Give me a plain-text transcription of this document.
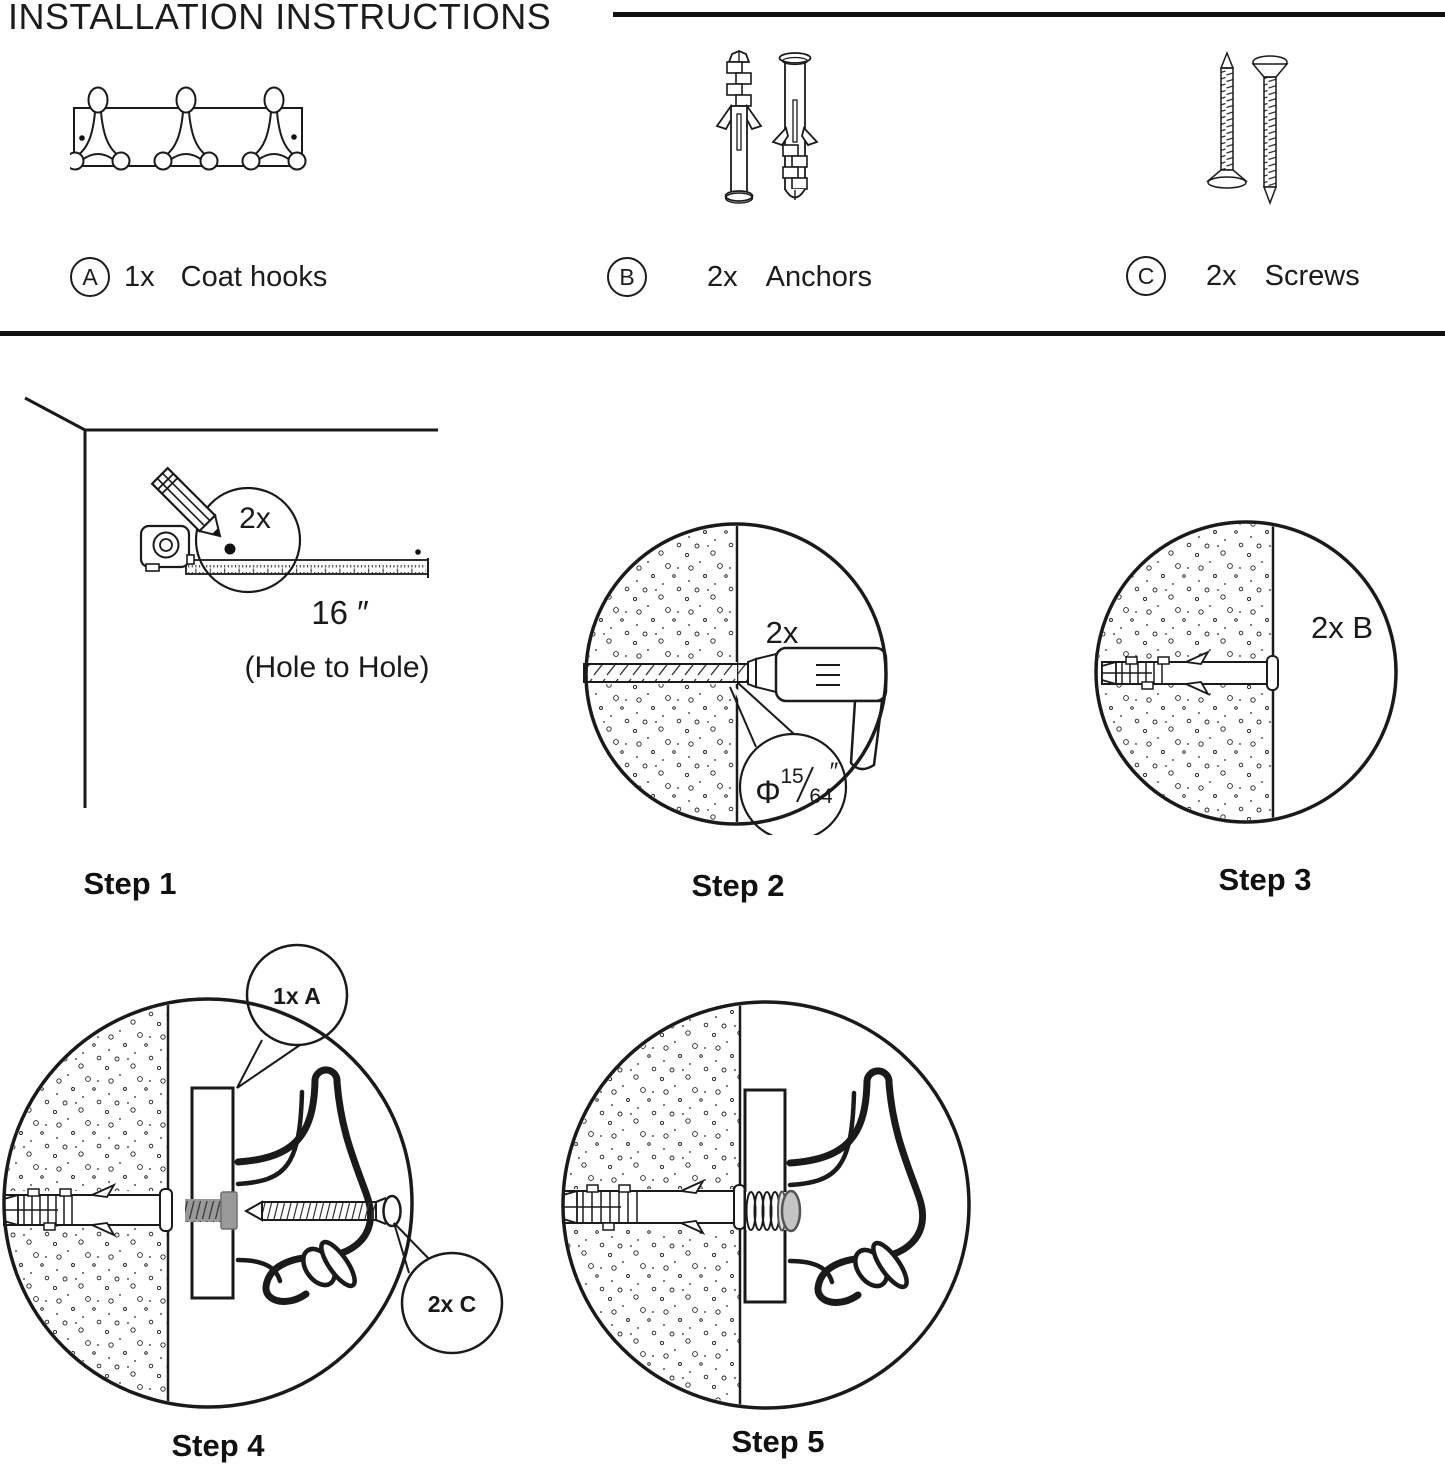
INSTALLATION INSTRUCTIONS
A 1x Coat hooks	B	2x Anchors	C	2x Screws
2x
16 ″
(Hole to Hole)
Step 1
2x
Φ 15
64
″
Step 2
2x B
Step 3
1x A
2x C
Step 4	Step 5
